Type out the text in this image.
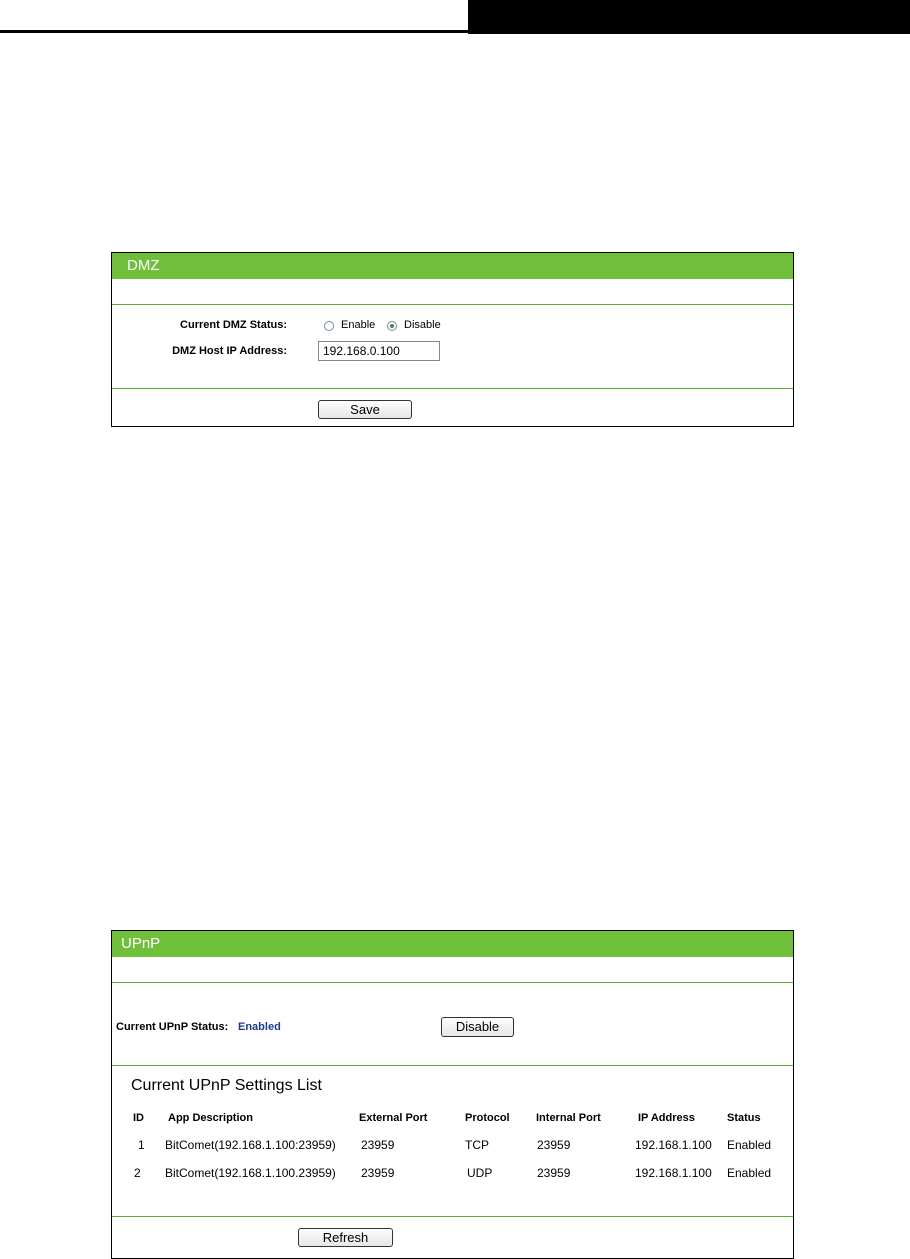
DMZ
Current DMZ Status:	Enable	Disable
DMZ Host IP Address:	192.168.0.100
Save
UPnP
Current UPnP Status: Enabled	Disable
Current UPnP Settings List
ID App Description	External Port	Protocol Internal Port	IP Address	Status
1 BitComet(192.168.1.100:23959) 23959	TCP	23959	192.168.1.100 Enabled
2 BitComet(192.168.1.100.23959) 23959	UDP	23959	192.168.1.100 Enabled
Refresh
